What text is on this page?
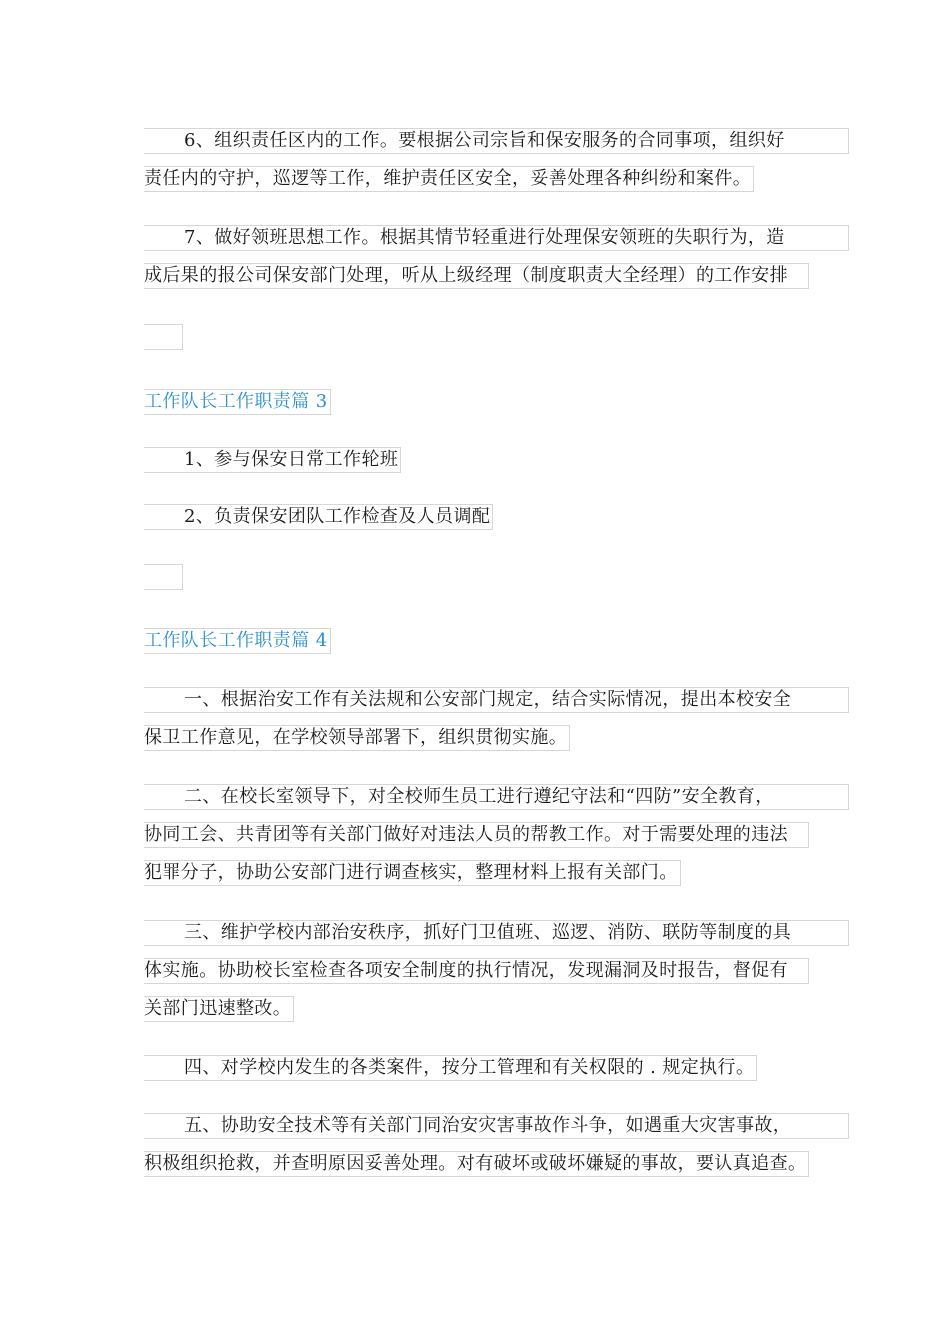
6、组织责任区内的工作。要根据公司宗旨和保安服务的合同事项，组织好
责任内的守护，巡逻等工作，维护责任区安全，妥善处理各种纠纷和案件。
7、做好领班思想工作。根据其情节轻重进行处理保安领班的失职行为，造
成后果的报公司保安部门处理，听从上级经理（制度职责大全经理）的工作安排
工作队长工作职责篇 3
1、参与保安日常工作轮班
2、负责保安团队工作检查及人员调配
工作队长工作职责篇 4
一、根据治安工作有关法规和公安部门规定，结合实际情况，提出本校安全
保卫工作意见，在学校领导部署下，组织贯彻实施。
二、在校长室领导下，对全校师生员工进行遵纪守法和“四防”安全教育，
协同工会、共青团等有关部门做好对违法人员的帮教工作。对于需要处理的违法
犯罪分子，协助公安部门进行调查核实，整理材料上报有关部门。
三、维护学校内部治安秩序，抓好门卫值班、巡逻、消防、联防等制度的具
体实施。协助校长室检查各项安全制度的执行情况，发现漏洞及时报告，督促有
关部门迅速整改。
四、对学校内发生的各类案件，按分工管理和有关权限的 . 规定执行。
五、协助安全技术等有关部门同治安灾害事故作斗争，如遇重大灾害事故，
积极组织抢救，并查明原因妥善处理。对有破坏或破坏嫌疑的事故，要认真追查。
